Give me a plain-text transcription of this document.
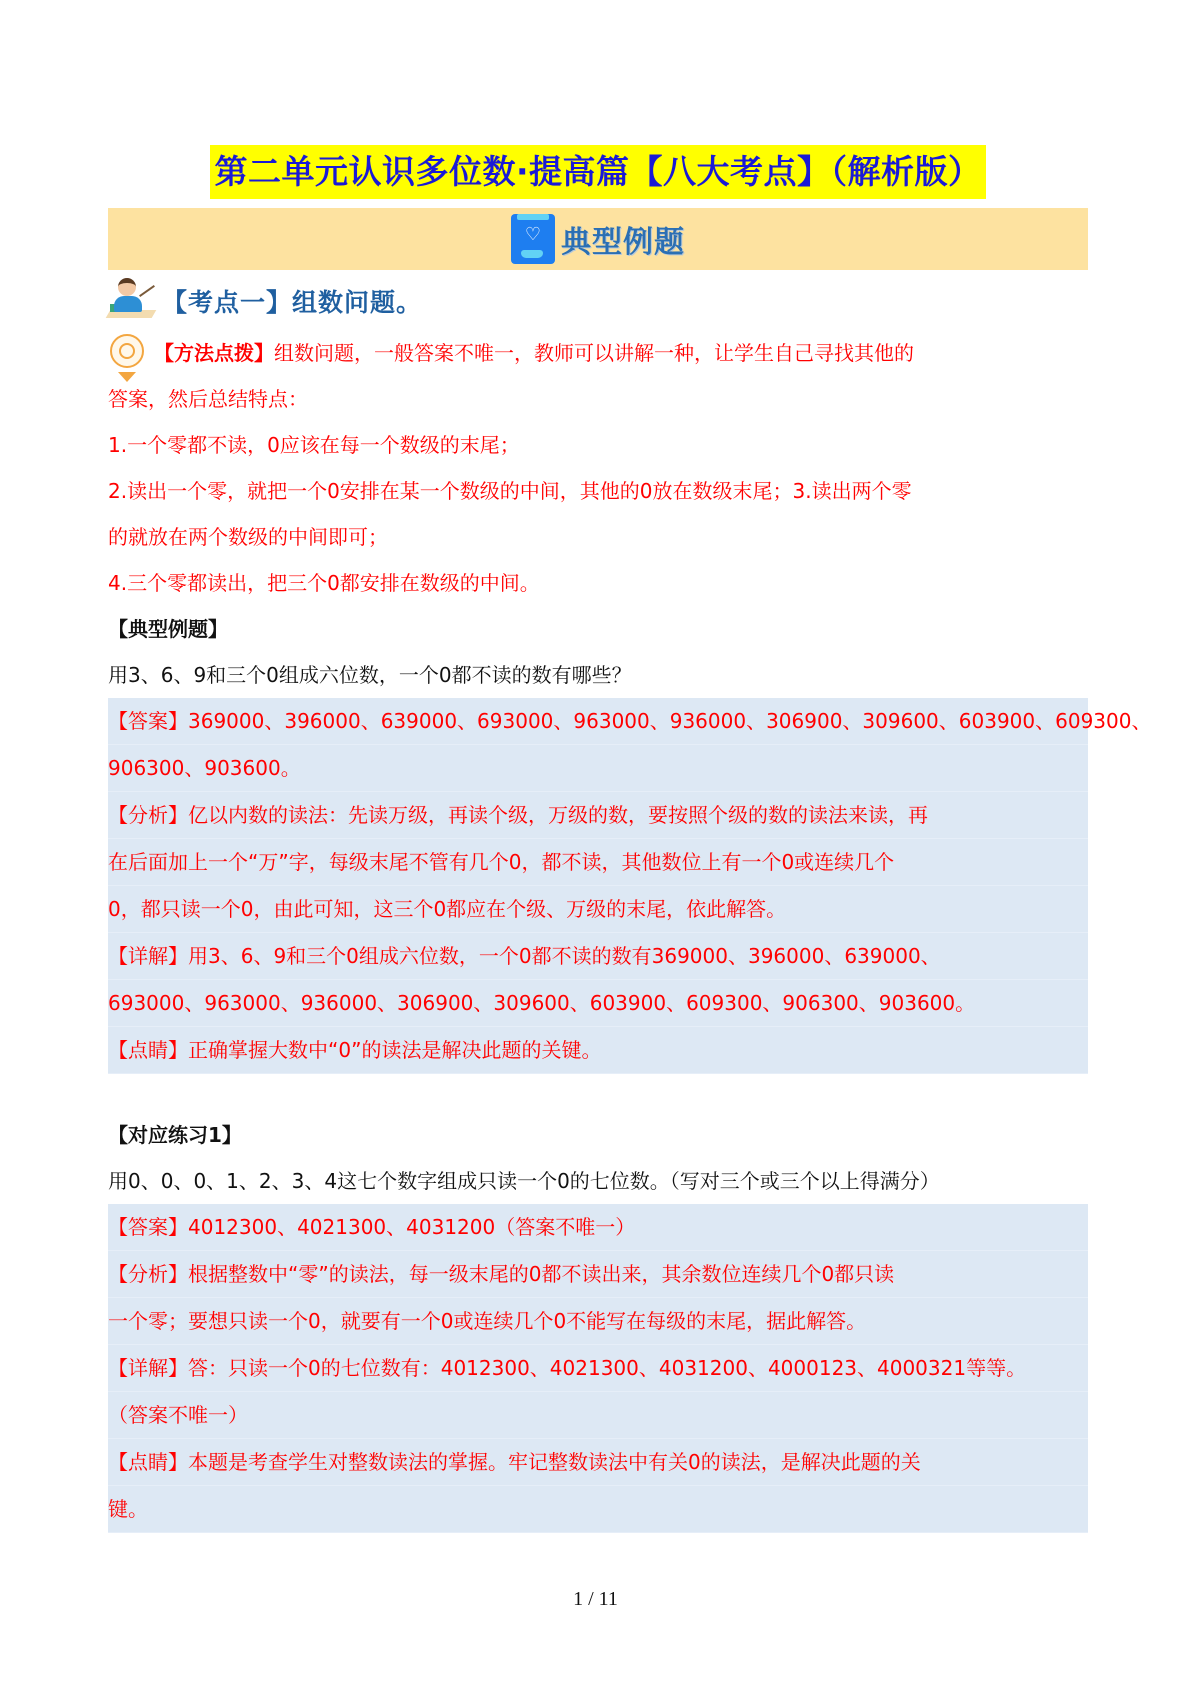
第二单元认识多位数·提高篇【八大考点】（解析版）
♡ 典型例题
【考点一】组数问题。
【方法点拨】组数问题，一般答案不唯一，教师可以讲解一种，让学生自己寻找其他的
答案，然后总结特点：
1.一个零都不读，0应该在每一个数级的末尾；
2.读出一个零，就把一个0安排在某一个数级的中间，其他的0放在数级末尾；3.读出两个零
的就放在两个数级的中间即可；
4.三个零都读出，把三个0都安排在数级的中间。
【典型例题】
用3、6、9和三个0组成六位数，一个0都不读的数有哪些？
【答案】369000、396000、639000、693000、963000、936000、306900、309600、603900、609300、
906300、903600。
【分析】亿以内数的读法：先读万级，再读个级，万级的数，要按照个级的数的读法来读，再
在后面加上一个“万”字，每级末尾不管有几个0，都不读，其他数位上有一个0或连续几个
0，都只读一个0，由此可知，这三个0都应在个级、万级的末尾，依此解答。
【详解】用3、6、9和三个0组成六位数，一个0都不读的数有369000、396000、639000、
693000、963000、936000、306900、309600、603900、609300、906300、903600。
【点睛】正确掌握大数中“0”的读法是解决此题的关键。
【对应练习1】
用0、0、0、1、2、3、4这七个数字组成只读一个0的七位数。（写对三个或三个以上得满分）
【答案】4012300、4021300、4031200（答案不唯一）
【分析】根据整数中“零”的读法，每一级末尾的0都不读出来，其余数位连续几个0都只读
一个零；要想只读一个0，就要有一个0或连续几个0不能写在每级的末尾，据此解答。
【详解】答：只读一个0的七位数有：4012300、4021300、4031200、4000123、4000321等等。
（答案不唯一）
【点睛】本题是考查学生对整数读法的掌握。牢记整数读法中有关0的读法，是解决此题的关
键。
1 / 11
